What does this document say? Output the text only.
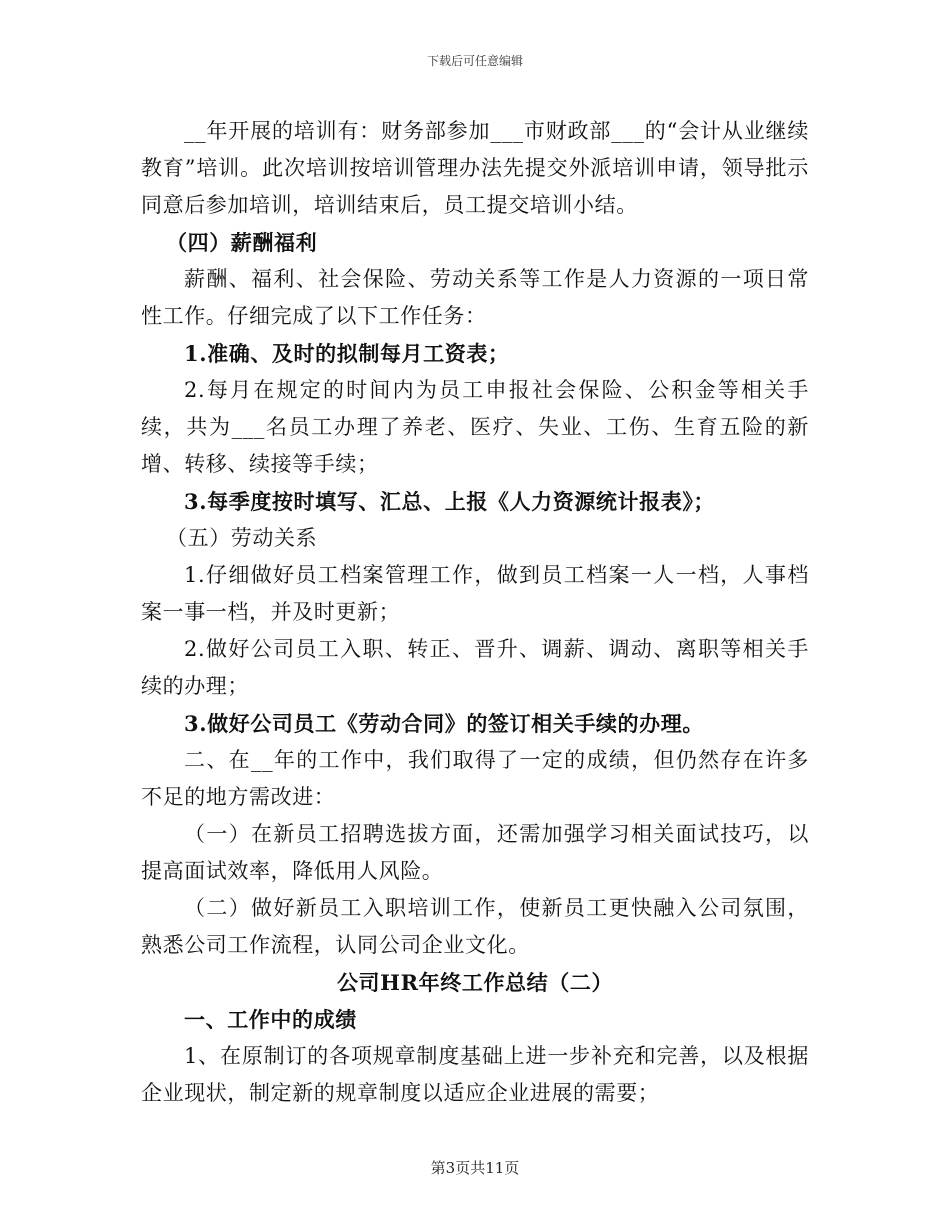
下载后可任意编辑

__年开展的培训有：财务部参加___市财政部___的“会计从业继续教育”培训。此次培训按培训管理办法先提交外派培训申请，领导批示同意后参加培训，培训结束后，员工提交培训小结。

（四）薪酬福利

薪酬、福利、社会保险、劳动关系等工作是人力资源的一项日常性工作。仔细完成了以下工作任务：

1.准确、及时的拟制每月工资表；

2.每月在规定的时间内为员工申报社会保险、公积金等相关手续，共为___名员工办理了养老、医疗、失业、工伤、生育五险的新增、转移、续接等手续；

3.每季度按时填写、汇总、上报《人力资源统计报表》；

（五）劳动关系

1.仔细做好员工档案管理工作，做到员工档案一人一档，人事档案一事一档，并及时更新；

2.做好公司员工入职、转正、晋升、调薪、调动、离职等相关手续的办理；

3.做好公司员工《劳动合同》的签订相关手续的办理。

二、在__年的工作中，我们取得了一定的成绩，但仍然存在许多不足的地方需改进：

（一）在新员工招聘选拔方面，还需加强学习相关面试技巧，以提高面试效率，降低用人风险。

（二）做好新员工入职培训工作，使新员工更快融入公司氛围，熟悉公司工作流程，认同公司企业文化。

公司HR年终工作总结（二）

一、工作中的成绩

1、在原制订的各项规章制度基础上进一步补充和完善，以及根据企业现状，制定新的规章制度以适应企业进展的需要；

第3页共11页
